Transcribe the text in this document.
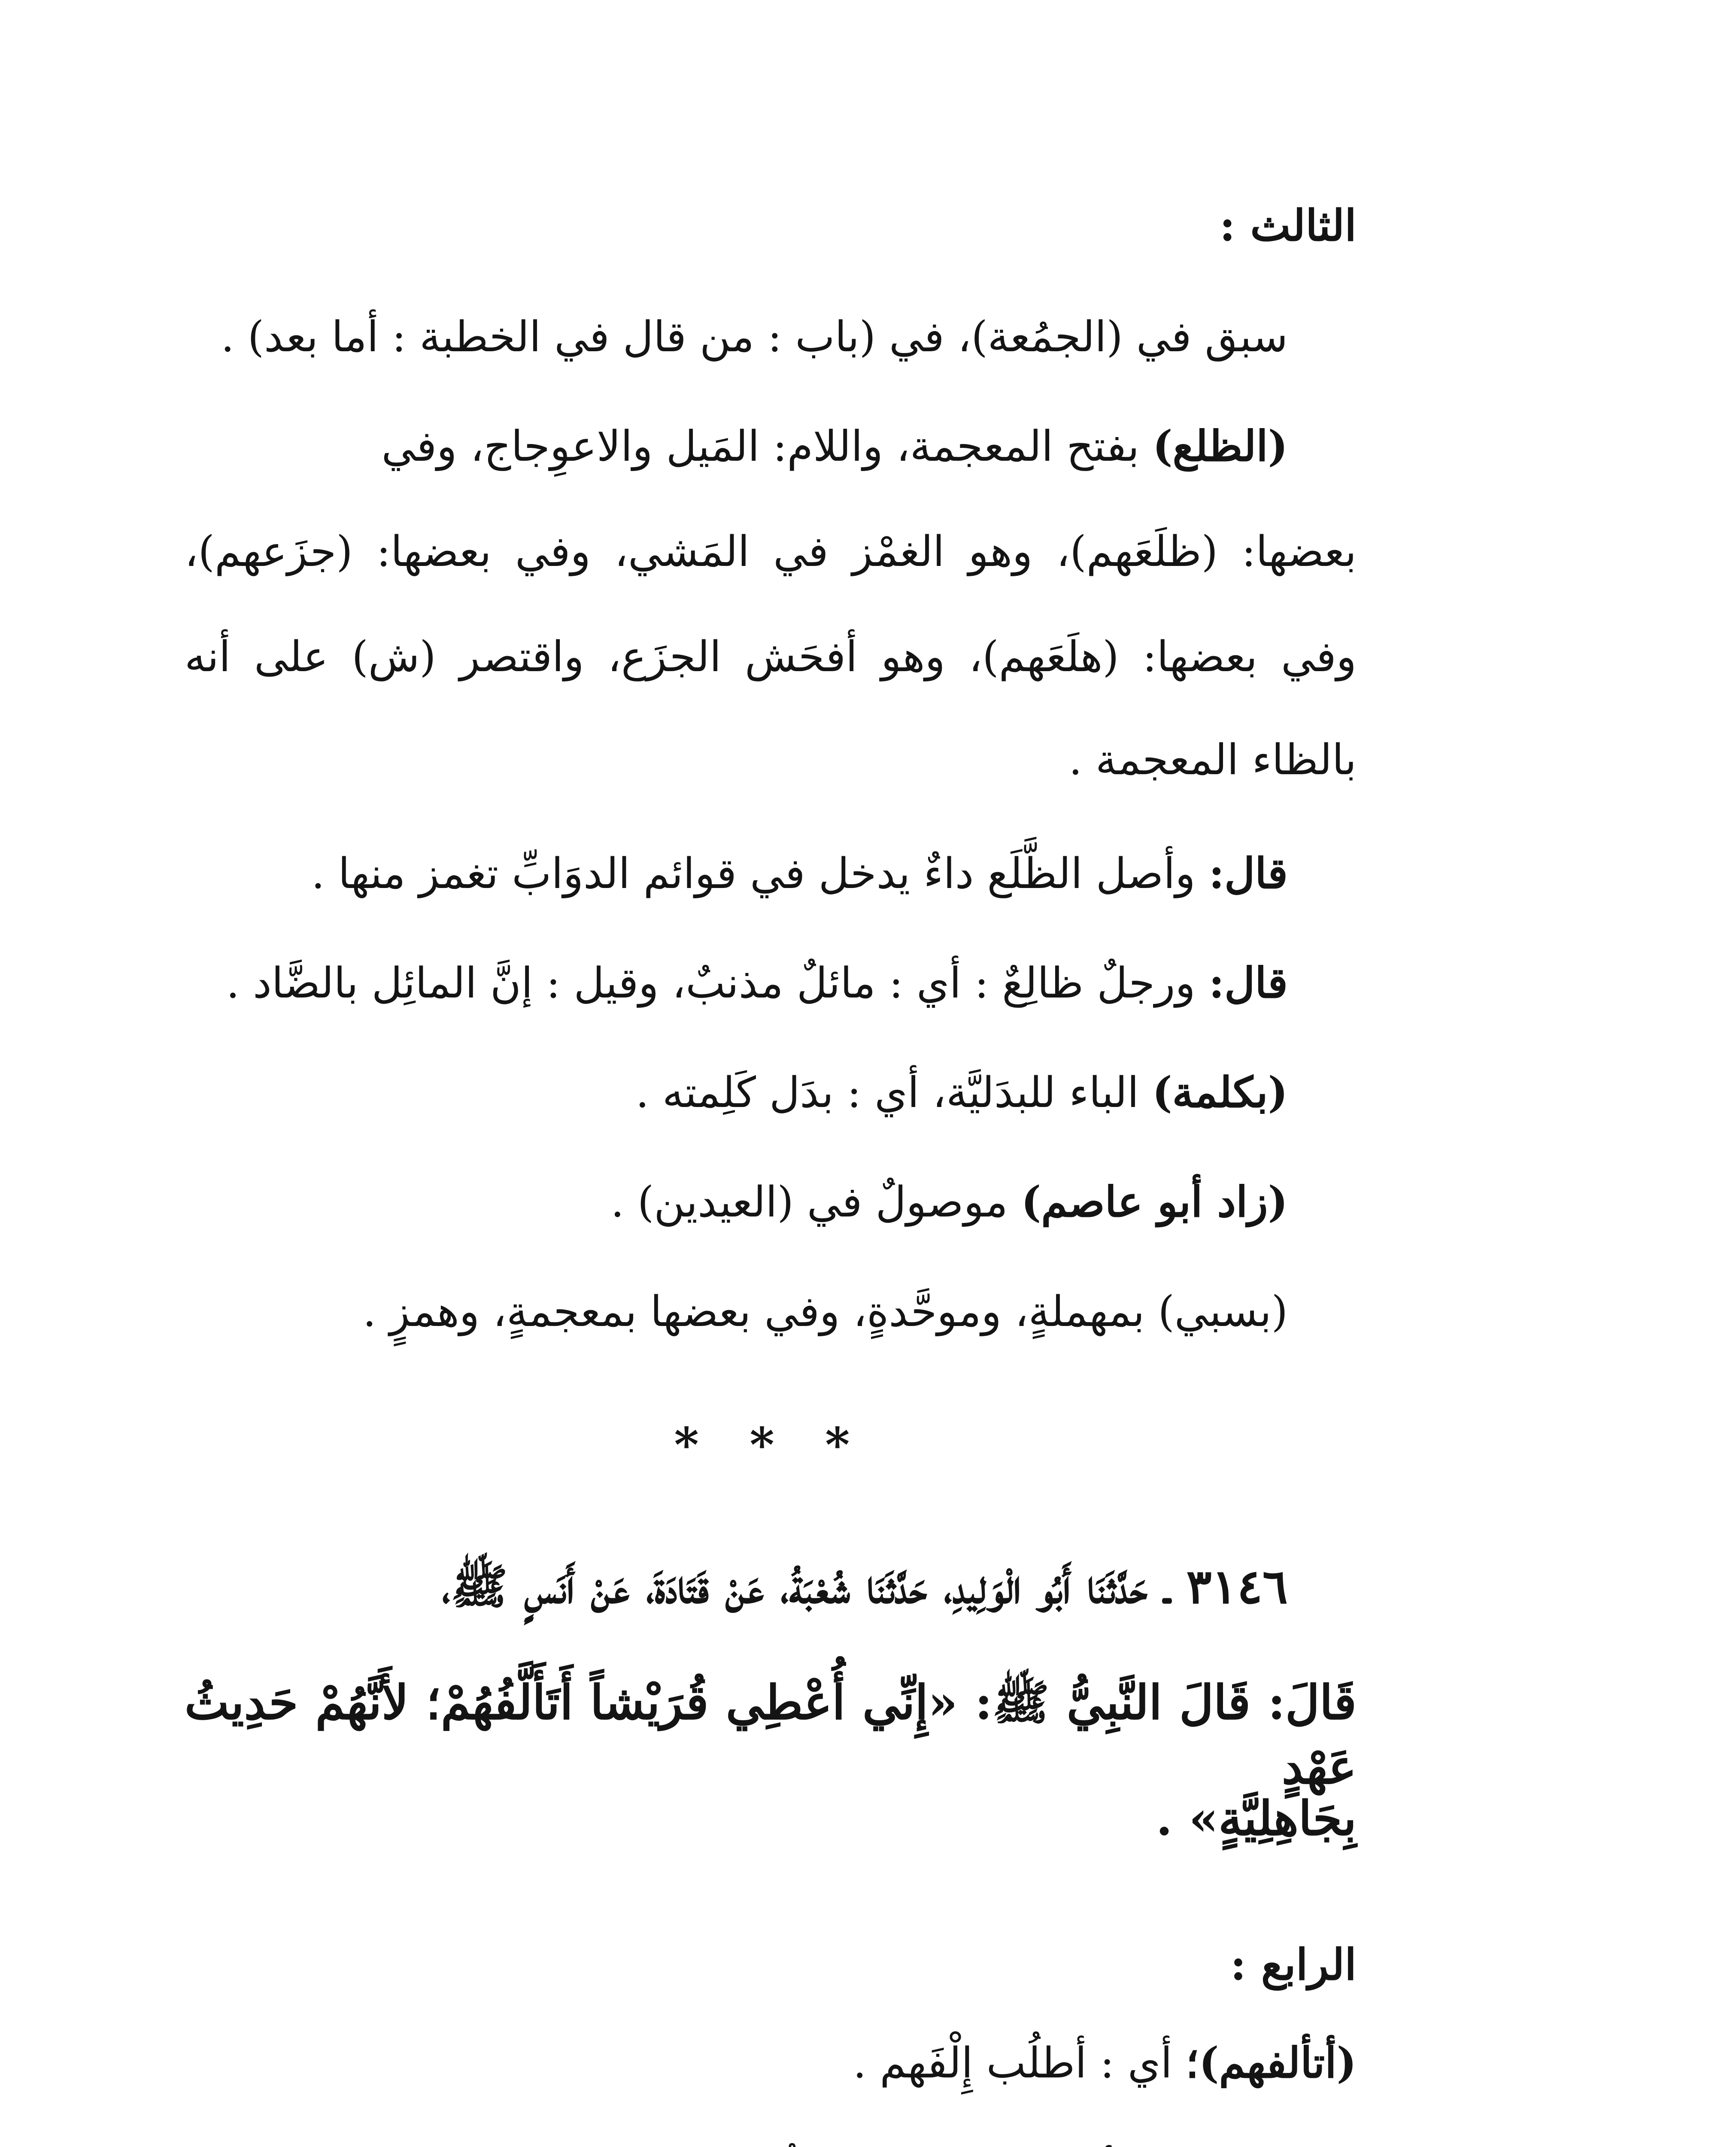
الثالث :
سبق في (الجمُعة)، في (باب : من قال في الخطبة : أما بعد) .
(الظلع) بفتح المعجمة، واللام: المَيل والاعوِجاج، وفي
بعضها: (ظلَعَهم)، وهو الغمْز في المَشي، وفي بعضها: (جزَعهم)،
وفي بعضها: (هلَعَهم)، وهو أفحَش الجزَع، واقتصر (ش) على أنه
بالظاء المعجمة .
قال: وأصل الظَّلَع داءٌ يدخل في قوائم الدوَابِّ تغمز منها .
قال: ورجلٌ ظالِعٌ : أي : مائلٌ مذنبٌ، وقيل : إنَّ المائِل بالضَّاد .
(بكلمة) الباء للبدَليَّة، أي : بدَل كَلِمته .
(زاد أبو عاصم) موصولٌ في (العيدين) .
(بسبي) بمهملةٍ، وموحَّدةٍ، وفي بعضها بمعجمةٍ، وهمزٍ .
* * *
٣١٤٦ ـ حَدَّثَنَا أَبُو الْوَلِيدِ، حَدَّثَنَا شُعْبَةُ، عَنْ قَتَادَةَ، عَنْ أَنَسٍ ﷺ،
قَالَ: قَالَ النَّبِيُّ ﷺ: «إِنِّي أُعْطِي قُرَيْشاً أَتَأَلَّفُهُمْ؛ لأَنَّهُمْ حَدِيثُ عَهْدٍ
بِجَاهِلِيَّةٍ» .
الرابع :
(أتألفهم)؛ أي : أطلُب إِلْفَهم .
